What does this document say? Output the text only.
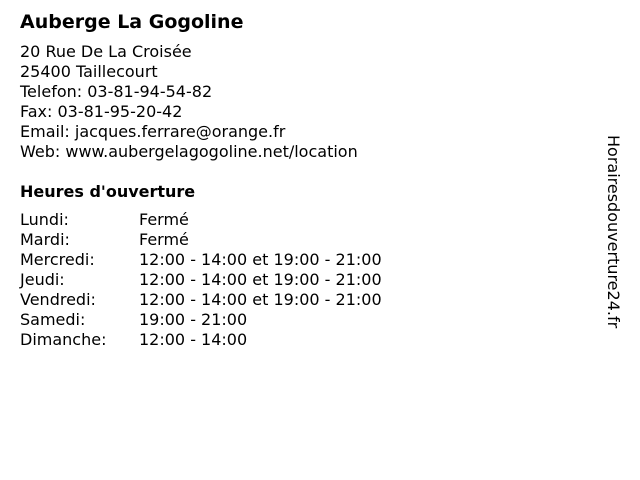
Auberge La Gogoline
20 Rue De La Croisée
25400 Taillecourt
Telefon: 03-81-94-54-82
Fax: 03-81-95-20-42
Email: jacques.ferrare@orange.fr
Web: www.aubergelagogoline.net/location
Heures d'ouverture
Lundi:	Fermé
Mardi:	Fermé
Mercredi:	12:00 - 14:00 et 19:00 - 21:00
Jeudi:	12:00 - 14:00 et 19:00 - 21:00
Vendredi:	12:00 - 14:00 et 19:00 - 21:00
Samedi:	19:00 - 21:00
Dimanche:	12:00 - 14:00
Horairesdouverture24.fr
